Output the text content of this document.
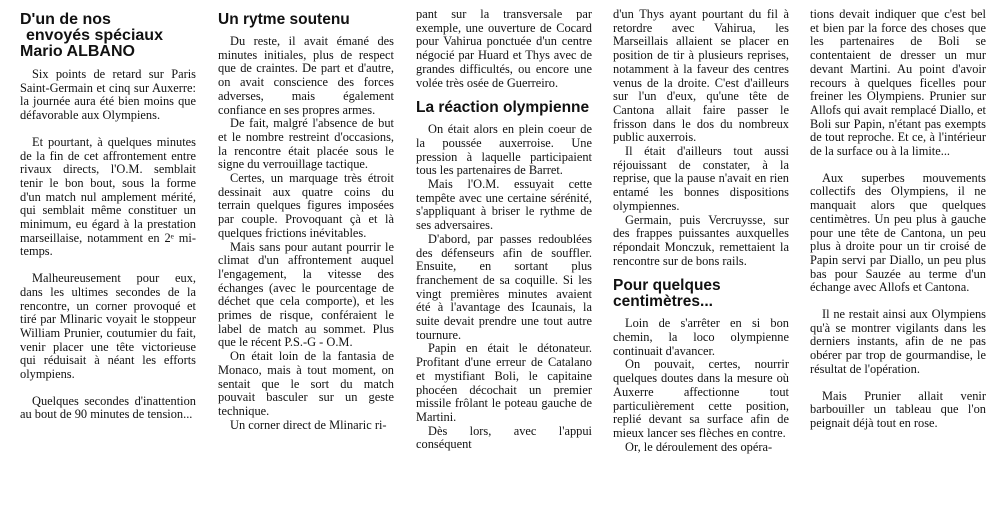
D'un de nos
envoyés spéciaux
Mario ALBANO

Six points de retard sur Paris Saint-Germain et cinq sur Auxerre: la journée aura été bien moins que défavorable aux Olympiens.

Et pourtant, à quelques minutes de la fin de cet affrontement entre rivaux directs, l'O.M. semblait tenir le bon bout, sous la forme d'un match nul amplement mérité, qui semblait même constituer un minimum, eu égard à la prestation marseillaise, notamment en 2ᵉ mi-temps.

Malheureusement pour eux, dans les ultimes secondes de la rencontre, un corner provoqué et tiré par Mlinaric voyait le stoppeur William Prunier, coutumier du fait, venir placer une tête victorieuse qui réduisait à néant les efforts olympiens.

Quelques secondes d'inattention au bout de 90 minutes de tension...

Un rytme soutenu

Du reste, il avait émané des minutes initiales, plus de respect que de craintes. De part et d'autre, on avait conscience des forces adverses, mais également confiance en ses propres armes.

De fait, malgré l'absence de but et le nombre restreint d'occasions, la rencontre était placée sous le signe du verrouillage tactique.

Certes, un marquage très étroit dessinait aux quatre coins du terrain quelques figures imposées par couple. Provoquant çà et là quelques frictions inévitables.

Mais sans pour autant pourrir le climat d'un affrontement auquel l'engagement, la vitesse des échanges (avec le pourcentage de déchet que cela comporte), et les primes de risque, conféraient le label de match au sommet. Plus que le récent P.S.-G - O.M.

On était loin de la fantasia de Monaco, mais à tout moment, on sentait que le sort du match pouvait basculer sur un geste technique.

Un corner direct de Mlinaric ri-

pant sur la transversale par exemple, une ouverture de Cocard pour Vahirua ponctuée d'un centre négocié par Huard et Thys avec de grandes difficultés, ou encore une volée très osée de Guerreiro.

La réaction olympienne

On était alors en plein coeur de la poussée auxerroise. Une pression à laquelle participaient tous les partenaires de Barret.

Mais l'O.M. essuyait cette tempête avec une certaine sérénité, s'appliquant à briser le rythme de ses adversaires.

D'abord, par passes redoublées des défenseurs afin de souffler. Ensuite, en sortant plus franchement de sa coquille. Si les vingt premières minutes avaient été à l'avantage des Icaunais, la suite devait prendre une tout autre tournure.

Papin en était le détonateur. Profitant d'une erreur de Catalano et mystifiant Boli, le capitaine phocéen décochait un premier missile frôlant le poteau gauche de Martini.

Dès lors, avec l'appui conséquent

d'un Thys ayant pourtant du fil à retordre avec Vahirua, les Marseillais allaient se placer en position de tir à plusieurs reprises, notamment à la faveur des centres venus de la droite. C'est d'ailleurs sur l'un d'eux, qu'une tête de Cantona allait faire passer le frisson dans le dos du nombreux public auxerrois.

Il était d'ailleurs tout aussi réjouissant de constater, à la reprise, que la pause n'avait en rien entamé les bonnes dispositions olympiennes.

Germain, puis Vercruysse, sur des frappes puissantes auxquelles répondait Monczuk, remettaient la rencontre sur de bons rails.

Pour quelques centimètres...

Loin de s'arrêter en si bon chemin, la loco olympienne continuait d'avancer.

On pouvait, certes, nourrir quelques doutes dans la mesure où Auxerre affectionne tout particulièrement cette position, replié devant sa surface afin de mieux lancer ses flèches en contre.

Or, le déroulement des opéra-

tions devait indiquer que c'est bel et bien par la force des choses que les partenaires de Boli se contentaient de dresser un mur devant Martini. Au point d'avoir recours à quelques ficelles pour freiner les Olympiens. Prunier sur Allofs qui avait remplacé Diallo, et Boli sur Papin, n'étant pas exempts de tout reproche. Et ce, à l'intérieur de la surface ou à la limite...

Aux superbes mouvements collectifs des Olympiens, il ne manquait alors que quelques centimètres. Un peu plus à gauche pour une tête de Cantona, un peu plus à droite pour un tir croisé de Papin servi par Diallo, un peu plus bas pour Sauzée au terme d'un échange avec Allofs et Cantona.

Il ne restait ainsi aux Olympiens qu'à se montrer vigilants dans les derniers instants, afin de ne pas obérer par trop de gourmandise, le résultat de l'opération.

Mais Prunier allait venir barbouiller un tableau que l'on peignait déjà tout en rose.
